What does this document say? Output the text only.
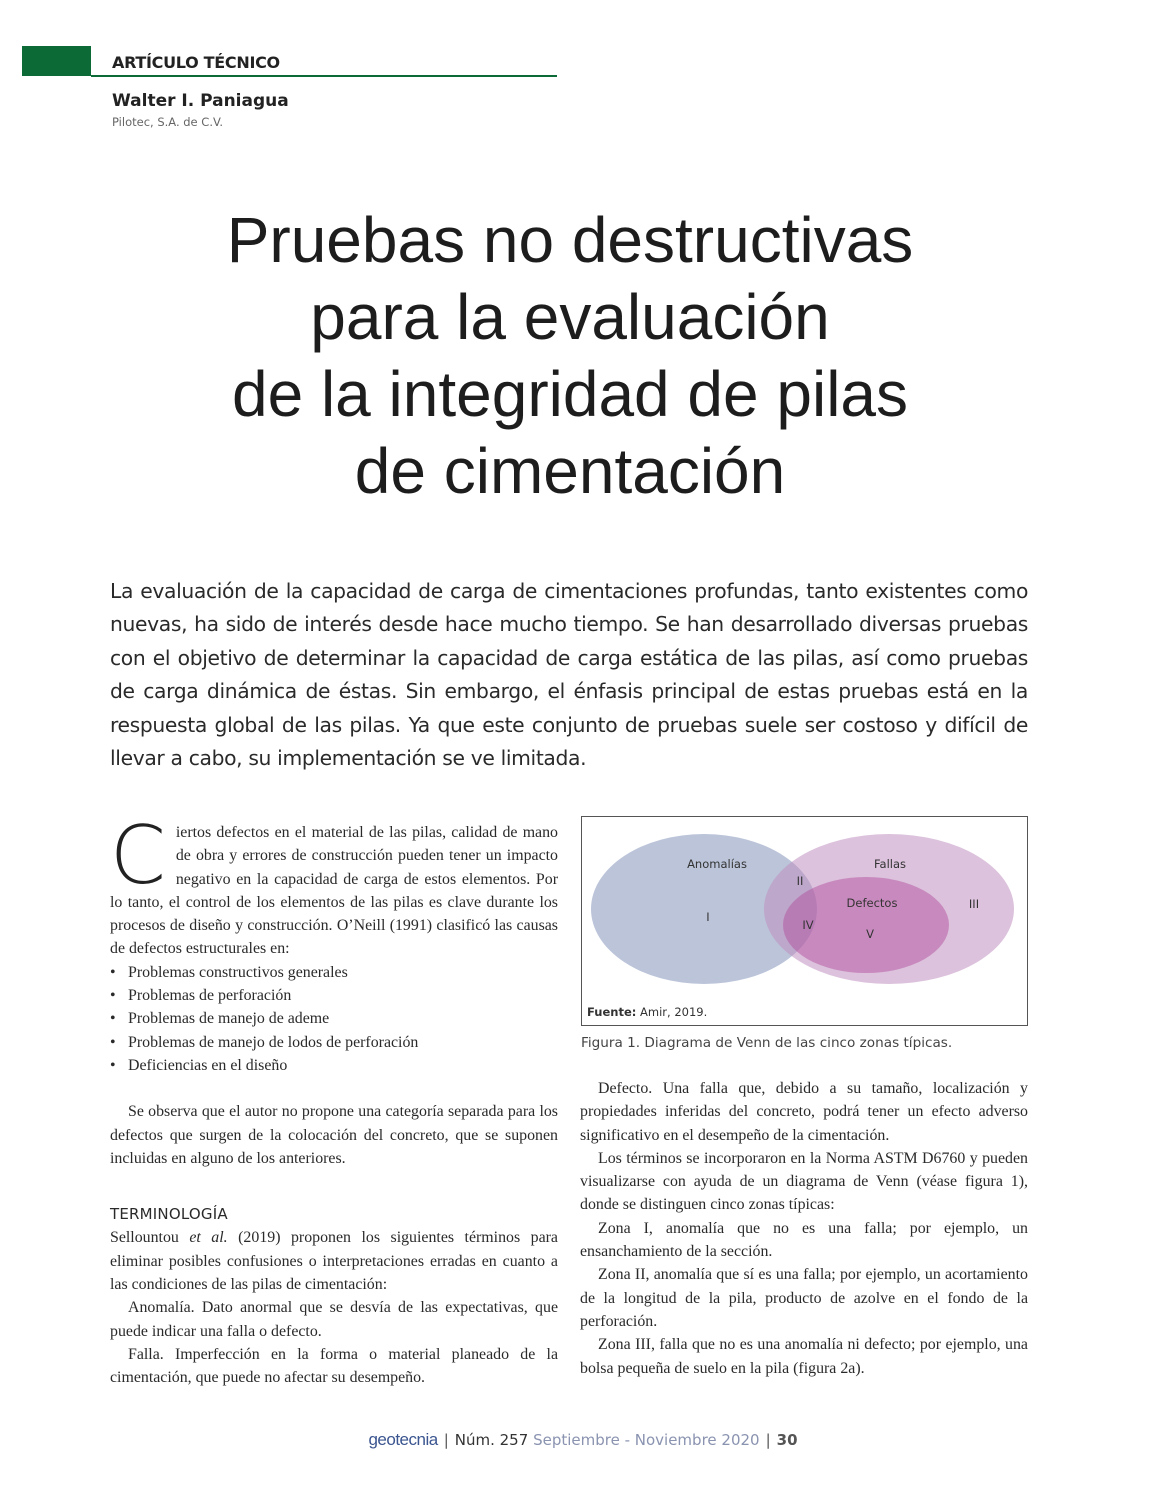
ARTÍCULO TÉCNICO
Walter I. Paniagua
Pilotec, S.A. de C.V.
Pruebas no destructivas
para la evaluación
de la integridad de pilas
de cimentación
La evaluación de la capacidad de carga de cimentaciones profundas, tanto existentes como nuevas, ha sido de interés desde hace mucho tiempo. Se han desarrollado diversas pruebas con el objetivo de determinar la capacidad de carga estática de las pilas, así como pruebas de carga dinámica de éstas. Sin embargo, el énfasis principal de estas pruebas está en la respuesta global de las pilas. Ya que este conjunto de pruebas suele ser costoso y difícil de llevar a cabo, su implementación se ve limitada.

Ciertos defectos en el material de las pilas, calidad de mano de obra y errores de construcción pueden tener un impacto negativo en la capacidad de carga de estos elementos. Por lo tanto, el control de los elementos de las pilas es clave durante los procesos de diseño y construcción. O’Neill (1991) clasificó las causas de defectos estructurales en:

• Problemas constructivos generales
• Problemas de perforación
• Problemas de manejo de ademe
• Problemas de manejo de lodos de perforación
• Deficiencias en el diseño

Se observa que el autor no propone una categoría separada para los defectos que surgen de la colocación del concreto, que se suponen incluidas en alguno de los anteriores.

TERMINOLOGÍA

Sellountou et al. (2019) proponen los siguientes términos para eliminar posibles confusiones o interpretaciones erradas en cuanto a las condiciones de las pilas de cimentación:

Anomalía. Dato anormal que se desvía de las expectativas, que puede indicar una falla o defecto.

Falla. Imperfección en la forma o material planeado de la cimentación, que puede no afectar su desempeño.

Anomalías	Fallas
Defectos
I
II
III
IV
V
Fuente: Amir, 2019.
Figura 1. Diagrama de Venn de las cinco zonas típicas.

Defecto. Una falla que, debido a su tamaño, localización y propiedades inferidas del concreto, podrá tener un efecto adverso significativo en el desempeño de la cimentación.

Los términos se incorporaron en la Norma ASTM D6760 y pueden visualizarse con ayuda de un diagrama de Venn (véase figura 1), donde se distinguen cinco zonas típicas:

Zona I, anomalía que no es una falla; por ejemplo, un ensanchamiento de la sección.

Zona II, anomalía que sí es una falla; por ejemplo, un acortamiento de la longitud de la pila, producto de azolve en el fondo de la perforación.

Zona III, falla que no es una anomalía ni defecto; por ejemplo, una bolsa pequeña de suelo en la pila (figura 2a).

geotecnia | Núm. 257 Septiembre - Noviembre 2020 | 30
